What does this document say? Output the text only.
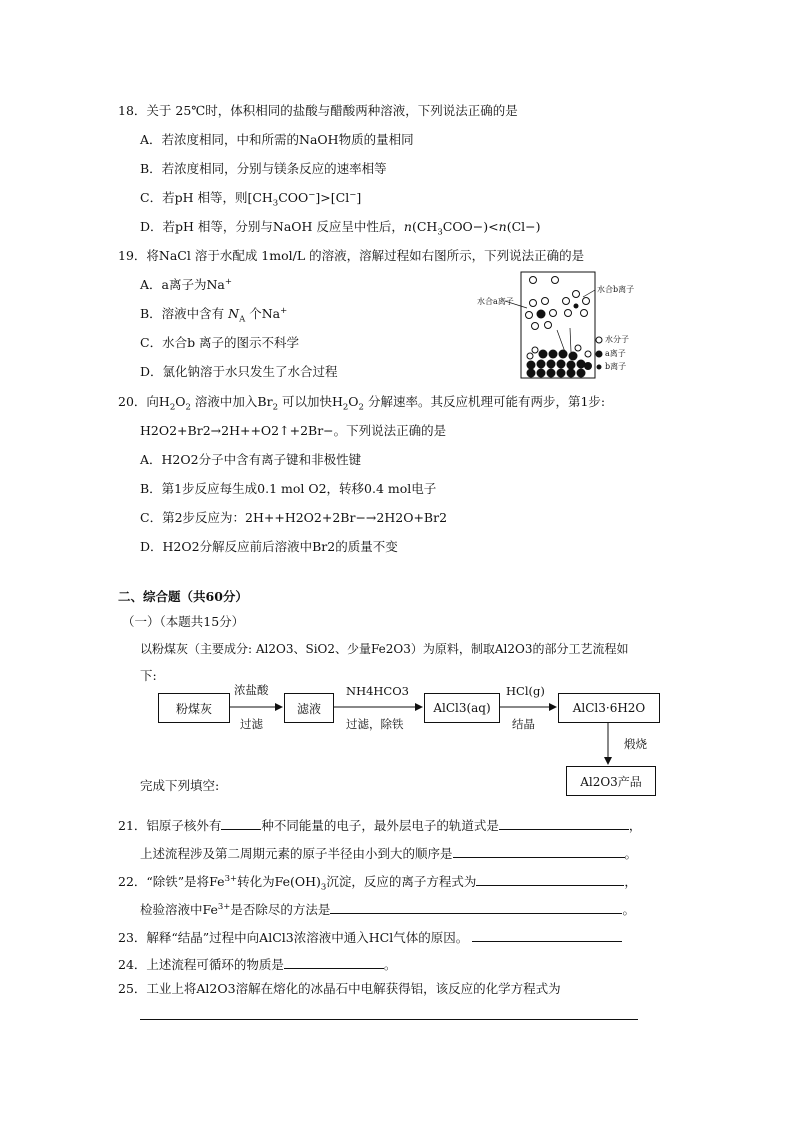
18．关于 25℃时，体积相同的盐酸与醋酸两种溶液，下列说法正确的是
A．若浓度相同，中和所需的NaOH物质的量相同
B．若浓度相同，分别与镁条反应的速率相等
C．若pH 相等，则$[CH_3COO^-]>[Cl^-]$
D．若pH 相等，分别与NaOH 反应呈中性后，$n(CH_3COO-)<n(Cl-)$
19．将NaCl 溶于水配成 1mol/L 的溶液，溶解过程如右图所示，下列说法正确的是
A．a离子为Na+
B．溶液中含有 $N_A$ 个Na+
C．水合b 离子的图示不科学
D．氯化钠溶于水只发生了水合过程
水合a离子
水合b离子
水分子
a离子
b离子
20．向$H_2O_2$ 溶液中加入$Br_2$ 可以加快$H_2O_2$ 分解速率。其反应机理可能有两步，第1步:
H2O2+Br2→2H++O2↑+2Br−。下列说法正确的是
A．H2O2分子中含有离子键和非极性键
B．第1步反应每生成0.1 mol O2，转移0.4 mol电子
C．第2步反应为：2H++H2O2+2Br−→2H2O+Br2
D．H2O2分解反应前后溶液中Br2的质量不变
二、综合题（共60分）
（一）（本题共15分）
以粉煤灰（主要成分: Al2O3、SiO2、少量Fe2O3）为原料，制取Al2O3的部分工艺流程如
下:
粉煤灰	滤液	AlCl3(aq)	AlCl3·6H2O
Al2O3产品
浓盐酸
过滤
NH4HCO3
过滤，除铁
HCl(g)
结晶
煅烧
完成下列填空:
21．铝原子核外有	种不同能量的电子，最外层电子的轨道式是	，
上述流程涉及第二周期元素的原子半径由小到大的顺序是	。
22．“除铁”是将$Fe^{3+}$转化为$Fe(OH)_3$沉淀，反应的离子方程式为	，
检验溶液中$Fe^{3+}$是否除尽的方法是	。
23．解释“结晶”过程中向AlCl3浓溶液中通入HCl气体的原因。
24．上述流程可循环的物质是	。
25．工业上将Al2O3溶解在熔化的冰晶石中电解获得铝，该反应的化学方程式为
